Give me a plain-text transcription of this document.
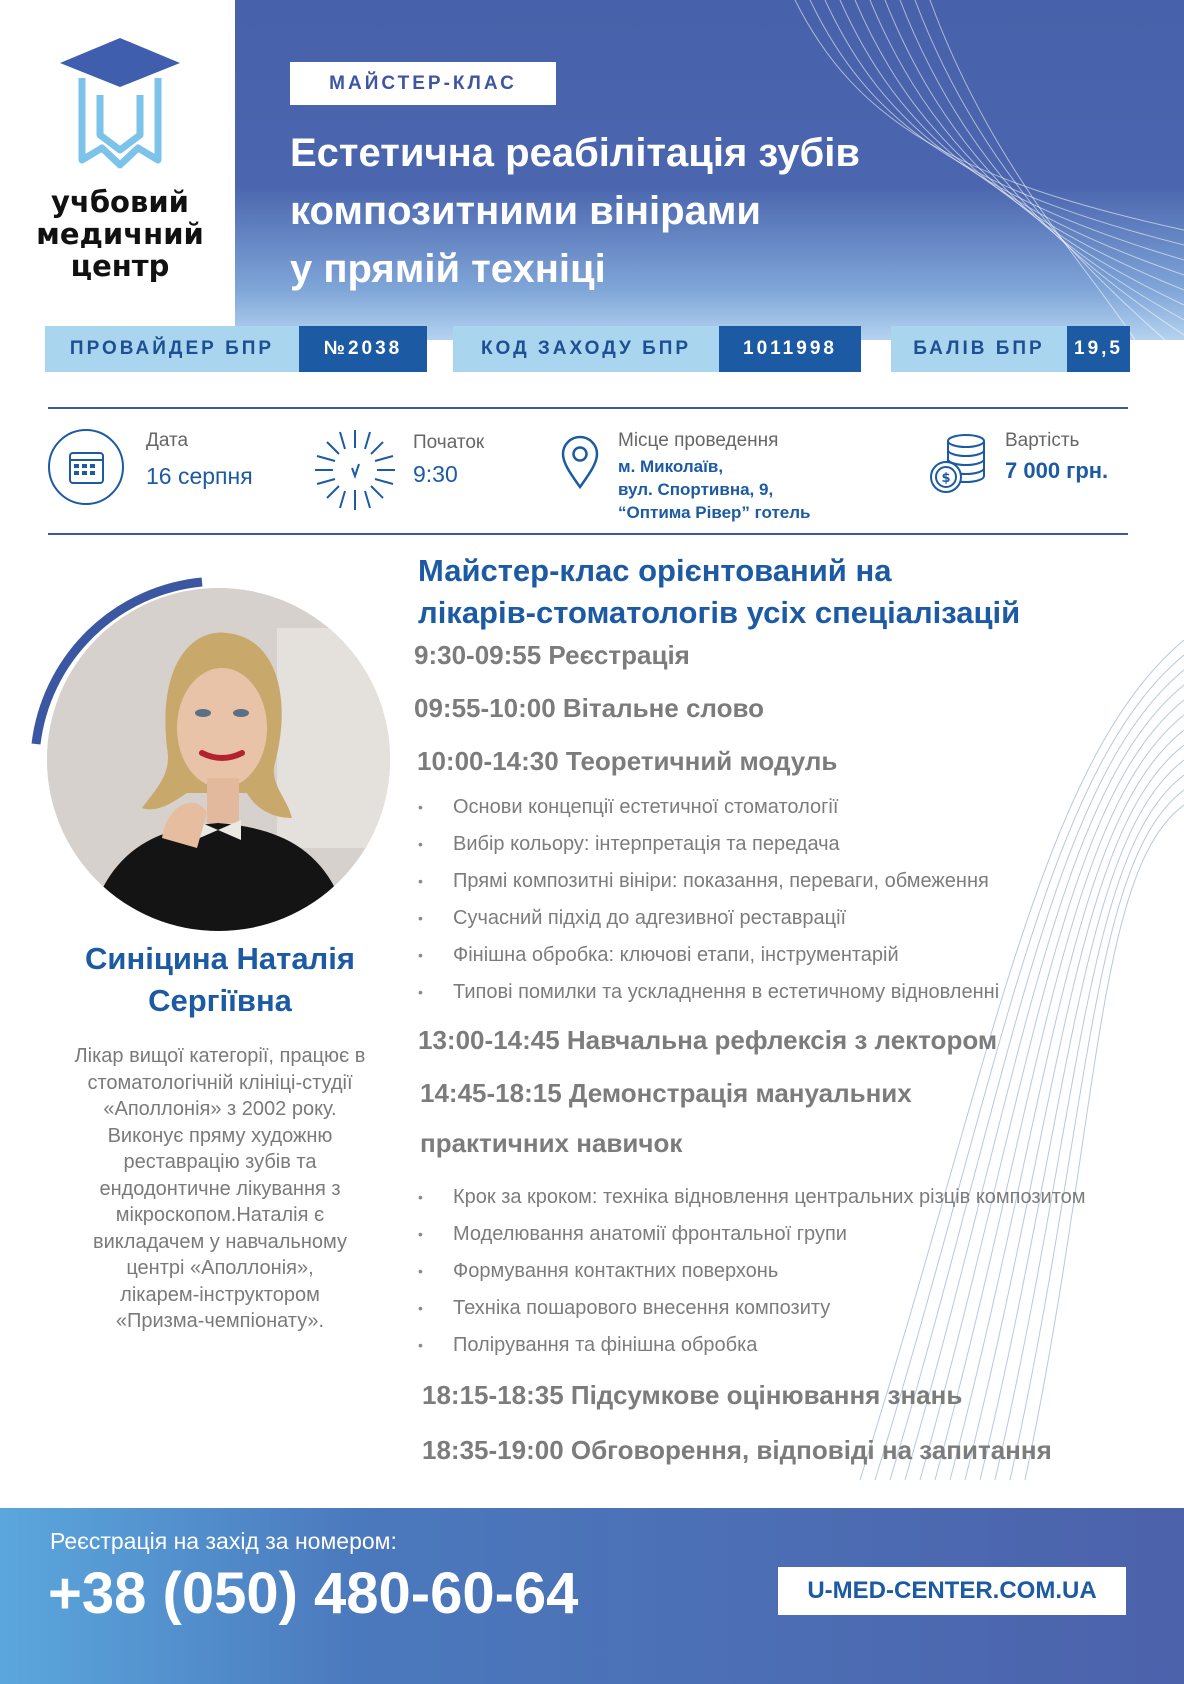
учбовий
медичний
центр
МАЙСТЕР-КЛАС
Естетична реабілітація зубів
композитними вінірами
у прямій техніці
ПРОВАЙДЕР БПР	№2038	КОД ЗАХОДУ БПР	1011998	БАЛІВ БПР	19,5
Дата
16 серпня
Початок
9:30
Місце проведення
м. Миколаїв,
вул. Спортивна, 9,
“Оптима Рівер” готель
$
Вартість
7 000 грн.
Синіцина Наталія
Сергіївна
Лікар вищої категорії, працює в
стоматологічній клініці-студії
«Аполлонія» з 2002 року.
Виконує пряму художню
реставрацію зубів та
ендодонтичне лікування з
мікроскопом.Наталія є
викладачем у навчальному
центрі «Аполлонія»,
лікарем-інструктором
«Призма-чемпіонату».
Майстер-клас орієнтований на
лікарів-стоматологів усіх спеціалізацій
9:30-09:55 Реєстрація
09:55-10:00 Вітальне слово
10:00-14:30 Теоретичний модуль
• Основи концепції естетичної стоматології
• Вибір кольору: інтерпретація та передача
• Прямі композитні вініри: показання, переваги, обмеження
• Сучасний підхід до адгезивної реставрації
• Фінішна обробка: ключові етапи, інструментарій
• Типові помилки та ускладнення в естетичному відновленні
13:00-14:45 Навчальна рефлексія з лектором
14:45-18:15 Демонстрація мануальних
практичних навичок
• Крок за кроком: техніка відновлення центральних різців композитом
• Моделювання анатомії фронтальної групи
• Формування контактних поверхонь
• Техніка пошарового внесення композиту
• Полірування та фінішна обробка
18:15-18:35 Підсумкове оцінювання знань
18:35-19:00 Обговорення, відповіді на запитання
Реєстрація на захід за номером:
+38 (050) 480-60-64	U-MED-CENTER.COM.UA
